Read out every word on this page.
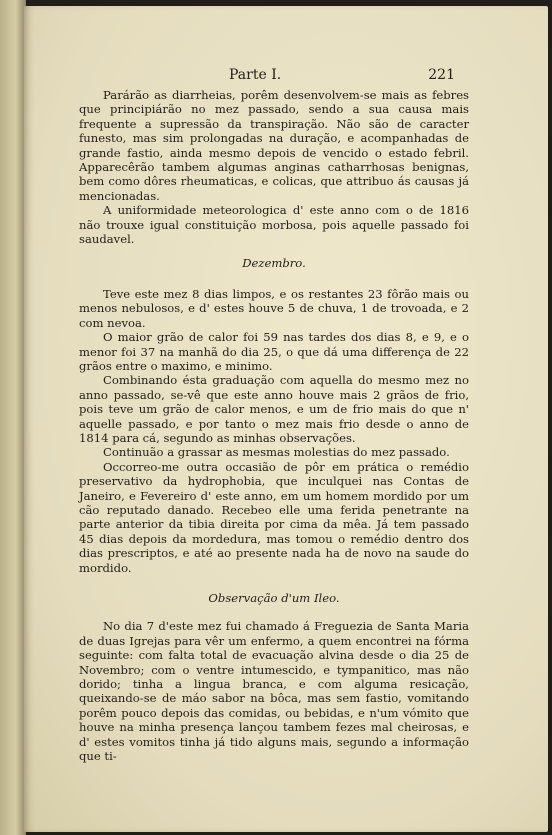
Parte I.	221

Parárão as diarrheias, porêm desenvolvem-se mais as febres que principiárão no mez passado, sendo a sua causa mais frequente a supressão da transpiração. Não são de caracter funesto, mas sim prolongadas na duração, e acompanhadas de grande fastio, ainda mesmo depois de vencido o estado febril. Apparecêrão tambem algumas anginas catharrhosas benignas, bem como dôres rheumaticas, e colicas, que attribuo ás causas já mencionadas.

A uniformidade meteorologica d' este anno com o de 1816 não trouxe igual constituição morbosa, pois aquelle passado foi saudavel.

Dezembro.

Teve este mez 8 dias limpos, e os restantes 23 fôrão mais ou menos nebulosos, e d' estes houve 5 de chuva, 1 de trovoada, e 2 com nevoa.

O maior grão de calor foi 59 nas tardes dos dias 8, e 9, e o menor foi 37 na manhã do dia 25, o que dá uma differença de 22 grãos entre o maximo, e minimo.

Combinando ésta graduação com aquella do mesmo mez no anno passado, se-vê que este anno houve mais 2 grãos de frio, pois teve um grão de calor menos, e um de frio mais do que n' aquelle passado, e por tanto o mez mais frio desde o anno de 1814 para cá, segundo as minhas observações.

Continuão a grassar as mesmas molestias do mez passado.

Occorreo-me outra occasião de pôr em prática o remédio preservativo da hydrophobia, que inculquei nas Contas de Janeiro, e Fevereiro d' este anno, em um homem mordido por um cão reputado danado. Recebeo elle uma ferida penetrante na parte anterior da tibia direita por cima da mêa. Já tem passado 45 dias depois da mordedura, mas tomou o remédio dentro dos dias prescriptos, e até ao presente nada ha de novo na saude do mordido.

Observação d'um Ileo.

No dia 7 d'este mez fui chamado á Freguezia de Santa Maria de duas Igrejas para vêr um enfermo, a quem encontrei na fórma seguinte: com falta total de evacuação alvina desde o dia 25 de Novembro; com o ventre intumescido, e tympanitico, mas não dorido; tinha a lingua branca, e com alguma resicação, queixando-se de máo sabor na bôca, mas sem fastio, vomitando porêm pouco depois das comidas, ou bebidas, e n'um vómito que houve na minha presença lançou tambem fezes mal cheirosas, e d' estes vomitos tinha já tido alguns mais, segundo a informação que ti-
